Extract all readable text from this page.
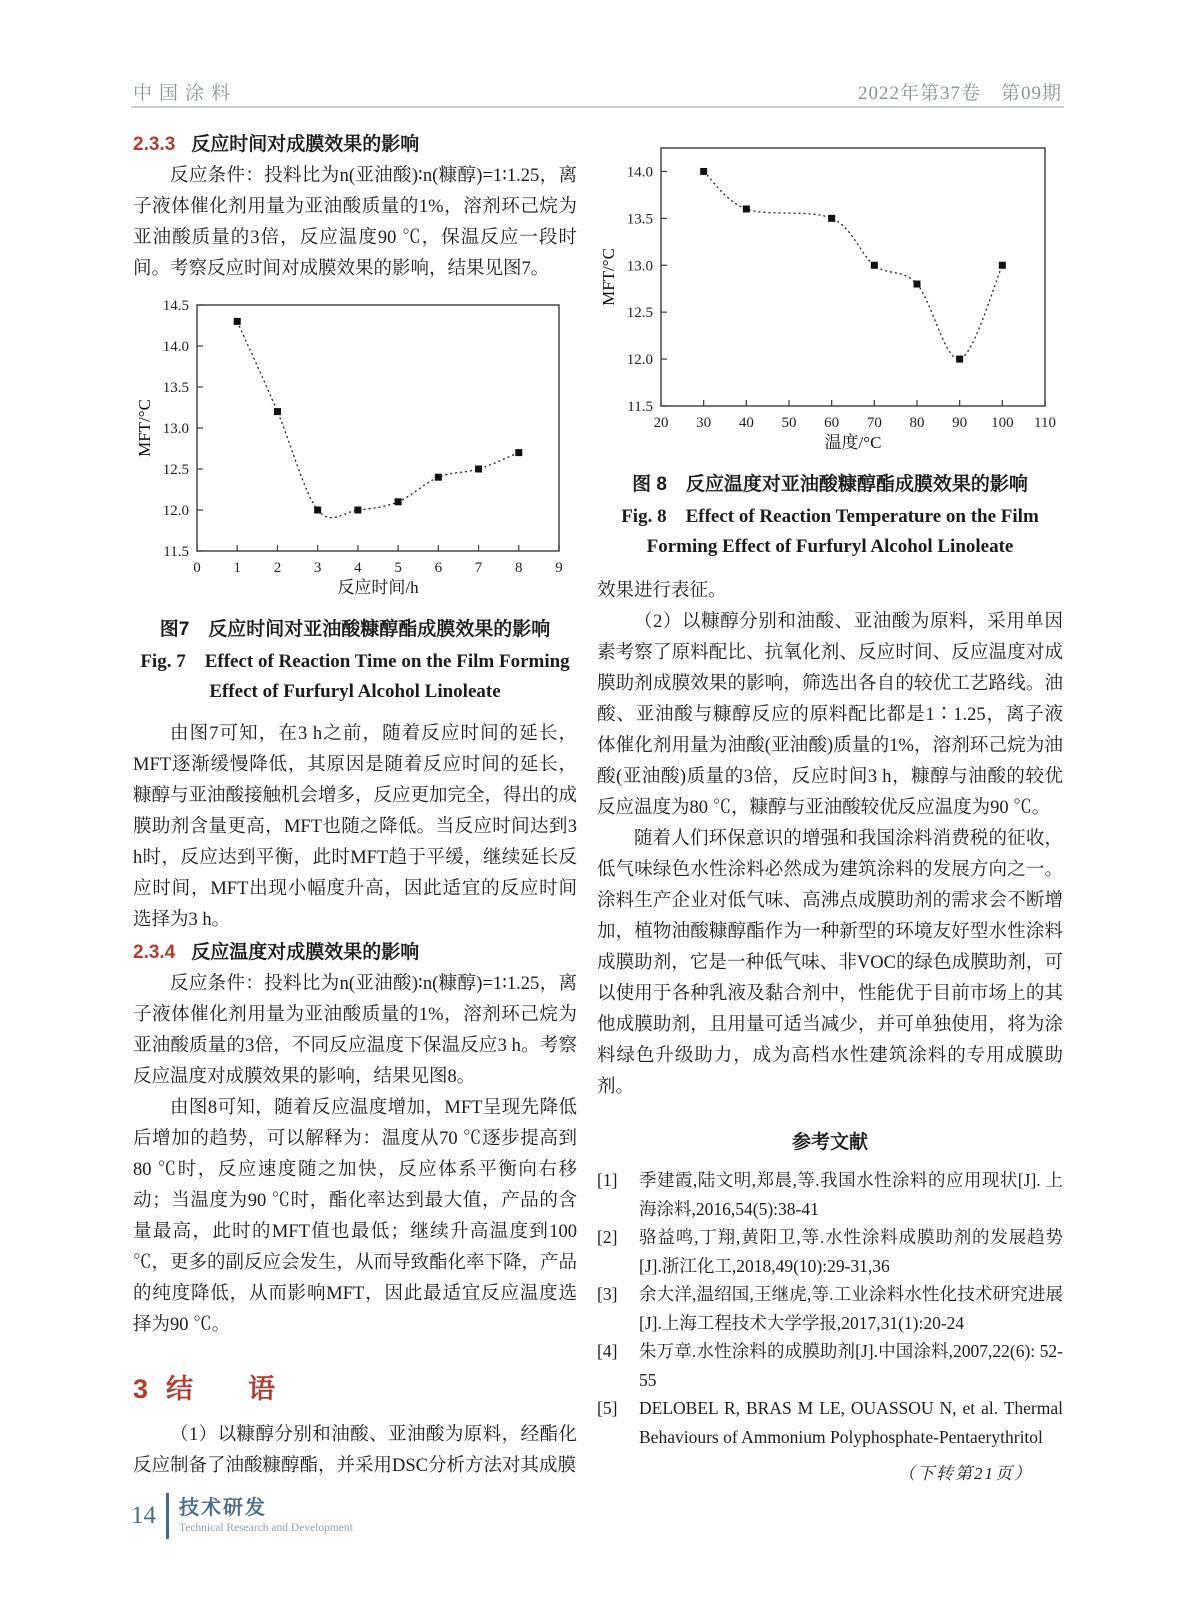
中国涂料	2022年第37卷　第09期
2.3.3 反应时间对成膜效果的影响

反应条件：投料比为n(亚油酸)∶n(糠醇)=1∶1.25，离子液体催化剂用量为亚油酸质量的1%，溶剂环己烷为亚油酸质量的3倍，反应温度90 ℃，保温反应一段时间。考察反应时间对成膜效果的影响，结果见图7。

0 1 2 3 4 5 6 7 8 9
11.5
12.0
12.5
13.0
13.5
14.0
14.5
反应时间/h
MFT/°C
图7　反应时间对亚油酸糠醇酯成膜效果的影响
Fig. 7　Effect of Reaction Time on the Film Forming
Effect of Furfuryl Alcohol Linoleate

由图7可知，在3 h之前，随着反应时间的延长，MFT逐渐缓慢降低，其原因是随着反应时间的延长，糠醇与亚油酸接触机会增多，反应更加完全，得出的成膜助剂含量更高，MFT也随之降低。当反应时间达到3 h时，反应达到平衡，此时MFT趋于平缓，继续延长反应时间，MFT出现小幅度升高，因此适宜的反应时间选择为3 h。

2.3.4 反应温度对成膜效果的影响

反应条件：投料比为n(亚油酸)∶n(糠醇)=1∶1.25，离子液体催化剂用量为亚油酸质量的1%，溶剂环己烷为亚油酸质量的3倍，不同反应温度下保温反应3 h。考察反应温度对成膜效果的影响，结果见图8。

由图8可知，随着反应温度增加，MFT呈现先降低后增加的趋势，可以解释为：温度从70 ℃逐步提高到80 ℃时，反应速度随之加快，反应体系平衡向右移动；当温度为90 ℃时，酯化率达到最大值，产品的含量最高，此时的MFT值也最低；继续升高温度到100 ℃，更多的副反应会发生，从而导致酯化率下降，产品的纯度降低，从而影响MFT，因此最适宜反应温度选择为90 ℃。

3 结　语

（1）以糠醇分别和油酸、亚油酸为原料，经酯化反应制备了油酸糠醇酯，并采用DSC分析方法对其成膜

20 30 40 50 60 70 80 90 100 110
11.5
12.0
12.5
13.0
13.5
14.0
温度/°C
MFT/°C
图 8　反应温度对亚油酸糠醇酯成膜效果的影响
Fig. 8　Effect of Reaction Temperature on the Film
Forming Effect of Furfuryl Alcohol Linoleate

效果进行表征。

（2）以糠醇分别和油酸、亚油酸为原料，采用单因素考察了原料配比、抗氧化剂、反应时间、反应温度对成膜助剂成膜效果的影响，筛选出各自的较优工艺路线。油酸、亚油酸与糠醇反应的原料配比都是1∶1.25，离子液体催化剂用量为油酸(亚油酸)质量的1%，溶剂环己烷为油酸(亚油酸)质量的3倍，反应时间3 h，糠醇与油酸的较优反应温度为80 ℃，糠醇与亚油酸较优反应温度为90 ℃。

随着人们环保意识的增强和我国涂料消费税的征收，低气味绿色水性涂料必然成为建筑涂料的发展方向之一。涂料生产企业对低气味、高沸点成膜助剂的需求会不断增加，植物油酸糠醇酯作为一种新型的环境友好型水性涂料成膜助剂，它是一种低气味、非VOC的绿色成膜助剂，可以使用于各种乳液及黏合剂中，性能优于目前市场上的其他成膜助剂，且用量可适当减少，并可单独使用，将为涂料绿色升级助力，成为高档水性建筑涂料的专用成膜助剂。

参考文献
[1]	季建霞,陆文明,郑晨,等.我国水性涂料的应用现状[J]. 上海涂料,2016,54(5):38-41
[2]	骆益鸣,丁翔,黄阳卫,等.水性涂料成膜助剂的发展趋势[J].浙江化工,2018,49(10):29-31,36
[3]	余大洋,温绍国,王继虎,等.工业涂料水性化技术研究进展[J].上海工程技术大学学报,2017,31(1):20-24
[4]	朱万章.水性涂料的成膜助剂[J].中国涂料,2007,22(6): 52-55
[5]	DELOBEL R, BRAS M LE, OUASSOU N, et al. Thermal Behaviours of Ammonium Polyphosphate-Pentaerythritol
（下转第21页）
14 技术研发
Technical Research and Development
